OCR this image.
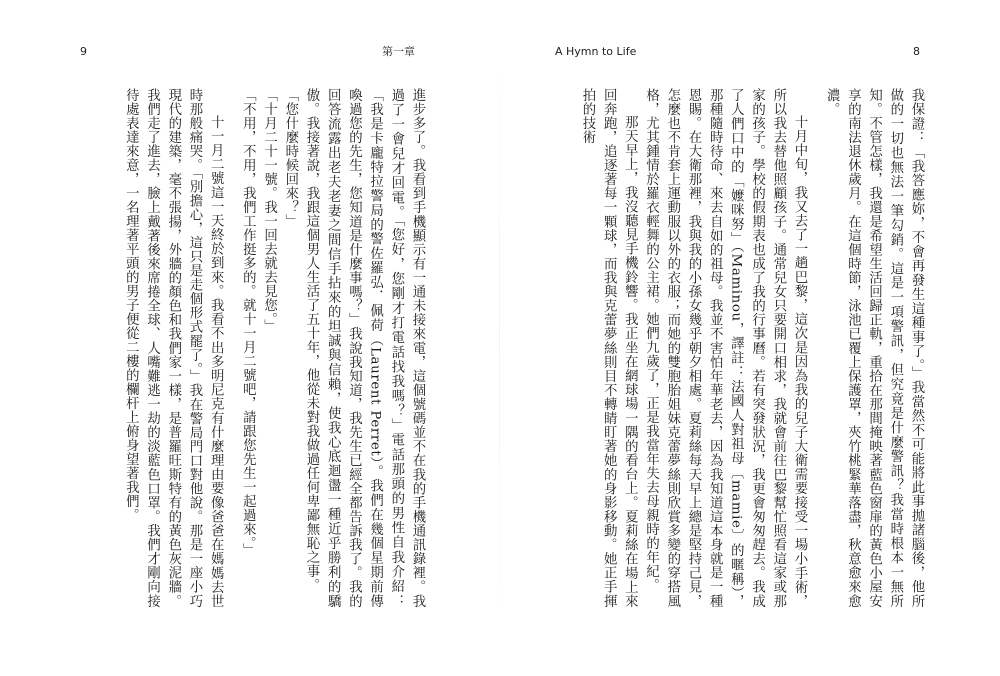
9	第一章	A Hymn to Life	8

我保證：「我答應妳，不會再發生這種事了。」我當然不可能將此事拋諸腦後，他所做的一切也無法一筆勾銷。這是一項警訊，但究竟是什麼警訊？我當時根本一無所知。不管怎樣，我還是希望生活回歸正軌，重拾在那間掩映著藍色窗扉的黃色小屋安享的南法退休歲月。在這個時節，泳池已覆上保護罩，夾竹桃緊華落盡，秋意愈來愈濃。

十月中旬，我又去了一趟巴黎，這次是因為我的兒子大衛需要接受一場小手術，所以我去替他照顧孩子。通常兒女只要開口相求，我就會前往巴黎幫忙照看這家或那家的孩子。學校的假期表也成了我的行事曆。若有突發狀況，我更會匆匆趕去。我成了人們口中的「嬤咪努」（Maminou，譯註：法國人對祖母〔mamie〕的暱稱），那種隨時待命、來去自如的祖母。我並不害怕年華老去，因為我知道這本身就是一種恩賜。在大衛那裡，我與我的小孫女幾乎朝夕相處。夏莉絲每天早上總是堅持己見，怎麼也不肯套上運動服以外的衣服；而她的雙胞胎姐妹克蕾夢絲則欣賞多變的穿搭風格，尤其鍾情於羅衣輕舞的公主裙。她們九歲了，正是我當年失去母親時的年紀。

那天早上，我沒聽見手機鈴響。我正坐在網球場一隅的看台上。夏莉絲在場上來回奔跑，追逐著每一顆球，而我與克蕾夢絲則目不轉睛盯著她的身影移動。她正手揮拍的技術

進步多了。我看到手機顯示有一通未接來電，這個號碼並不在我的手機通訊錄裡。我過了一會兒才回電。「您好，您剛才打電話找我嗎？」電話那頭的男性自我介紹：「我是卡龐特拉警局的警佐羅弘．佩荷（Laurent Perret）。我們在幾個星期前傳喚過您的先生，您知道是什麼事嗎？」我說我知道，我先生已經全都告訴我了。我的回答流露出老夫老妻之間信手拈來的坦誠與信賴，使我心底迴盪一種近乎勝利的驕傲。我接著說，我跟這個男人生活了五十年，他從未對我做過任何卑鄙無恥之事。

「您什麼時候回來？」

「十月二十一號。我一回去就去見您。」

「不用，不用，我們工作挺多的。就十一月二號吧，請跟您先生一起過來。」

十一月二號這一天終於到來。我看不出多明尼克有什麼理由要像爸爸在媽媽去世時那般痛哭。「別擔心，這只是走個形式罷了。」我在警局門口對他說。那是一座小巧現代的建築，毫不張揚，外牆的顏色和我們家一樣，是普羅旺斯特有的黃色灰泥牆。我們走了進去，臉上戴著後來席捲全球、人嘴難逃一劫的淡藍色口罩。我們才剛向接待處表達來意，一名理著平頭的男子便從二樓的欄杆上俯身望著我們。
